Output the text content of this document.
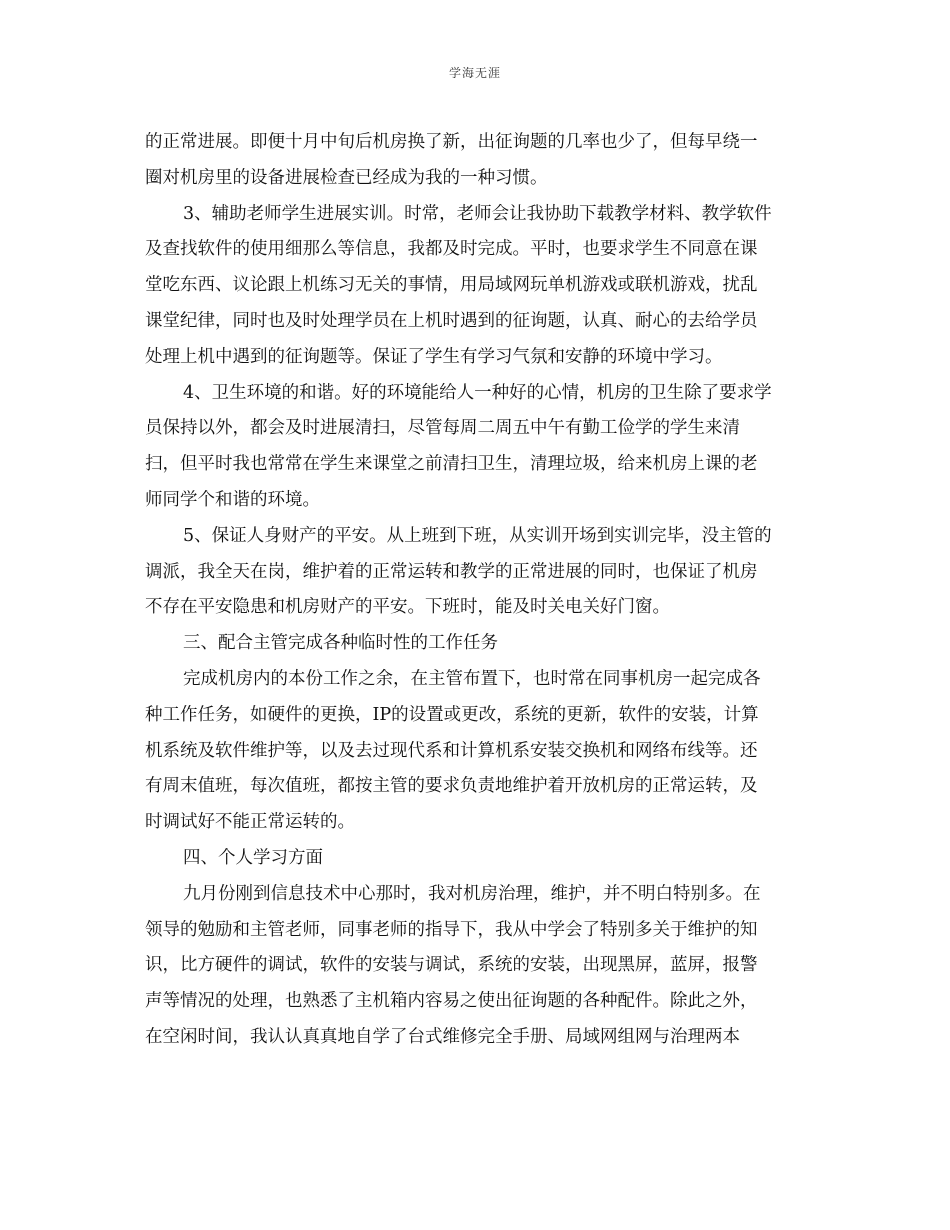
学海无涯
的正常进展。即便十月中旬后机房换了新，出征询题的几率也少了，但每早绕一
圈对机房里的设备进展检查已经成为我的一种习惯。
3、辅助老师学生进展实训。时常，老师会让我协助下载教学材料、教学软件
及查找软件的使用细那么等信息，我都及时完成。平时，也要求学生不同意在课
堂吃东西、议论跟上机练习无关的事情，用局域网玩单机游戏或联机游戏，扰乱
课堂纪律，同时也及时处理学员在上机时遇到的征询题，认真、耐心的去给学员
处理上机中遇到的征询题等。保证了学生有学习气氛和安静的环境中学习。
4、卫生环境的和谐。好的环境能给人一种好的心情，机房的卫生除了要求学
员保持以外，都会及时进展清扫，尽管每周二周五中午有勤工俭学的学生来清
扫，但平时我也常常在学生来课堂之前清扫卫生，清理垃圾，给来机房上课的老
师同学个和谐的环境。
5、保证人身财产的平安。从上班到下班，从实训开场到实训完毕，没主管的
调派，我全天在岗，维护着的正常运转和教学的正常进展的同时，也保证了机房
不存在平安隐患和机房财产的平安。下班时，能及时关电关好门窗。
三、配合主管完成各种临时性的工作任务
完成机房内的本份工作之余，在主管布置下，也时常在同事机房一起完成各
种工作任务，如硬件的更换，IP的设置或更改，系统的更新，软件的安装，计算
机系统及软件维护等，以及去过现代系和计算机系安装交换机和网络布线等。还
有周末值班，每次值班，都按主管的要求负责地维护着开放机房的正常运转，及
时调试好不能正常运转的。
四、个人学习方面
九月份刚到信息技术中心那时，我对机房治理，维护，并不明白特别多。在
领导的勉励和主管老师，同事老师的指导下，我从中学会了特别多关于维护的知
识，比方硬件的调试，软件的安装与调试，系统的安装，出现黑屏，蓝屏，报警
声等情况的处理，也熟悉了主机箱内容易之使出征询题的各种配件。除此之外，
在空闲时间，我认认真真地自学了台式维修完全手册、局域网组网与治理两本
